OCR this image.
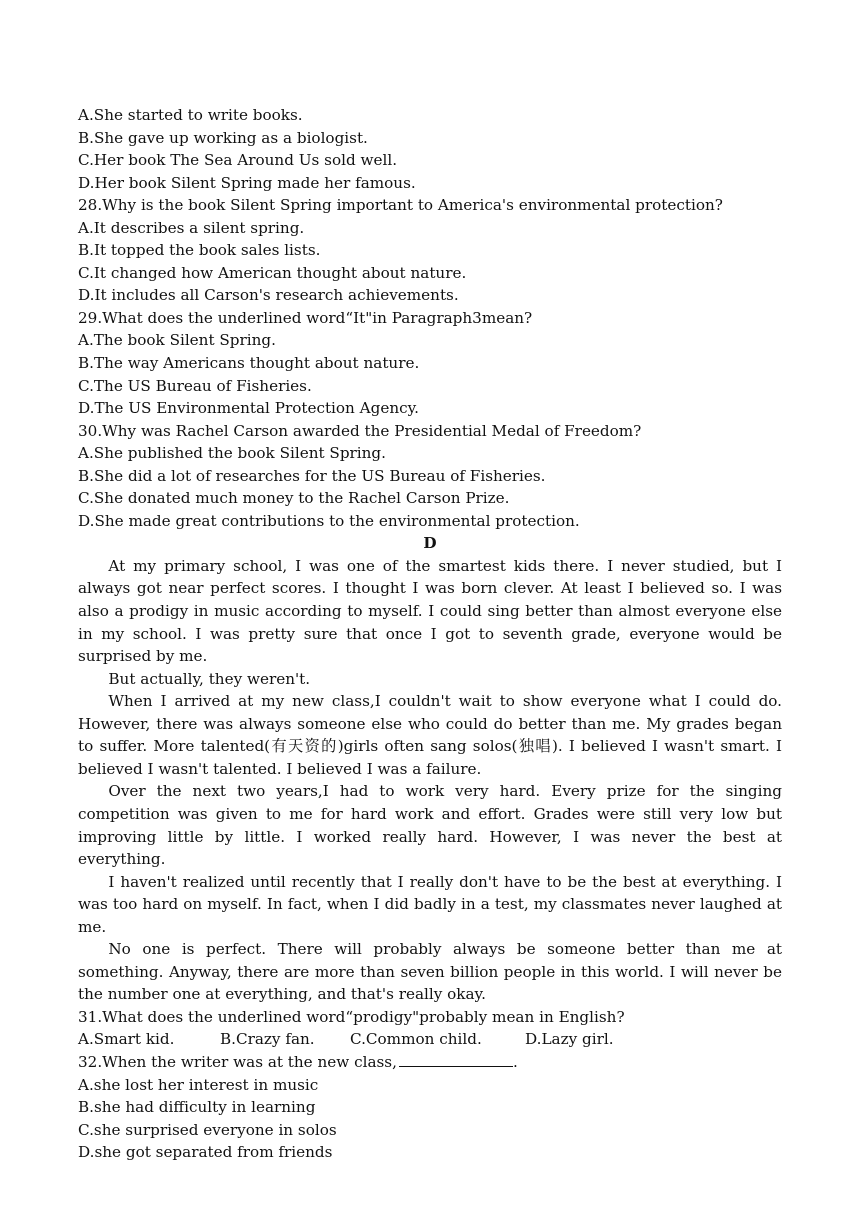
A.She started to write books.
B.She gave up working as a biologist.
C.Her book The Sea Around Us sold well.
D.Her book Silent Spring made her famous.
28.Why is the book Silent Spring important to America's environmental protection?
A.It describes a silent spring.
B.It topped the book sales lists.
C.It changed how American thought about nature.
D.It includes all Carson's research achievements.
29.What does the underlined word“It"in Paragraph3mean?
A.The book Silent Spring.
B.The way Americans thought about nature.
C.The US Bureau of Fisheries.
D.The US Environmental Protection Agency.
30.Why was Rachel Carson awarded the Presidential Medal of Freedom?
A.She published the book Silent Spring.
B.She did a lot of researches for the US Bureau of Fisheries.
C.She donated much money to the Rachel Carson Prize.
D.She made great contributions to the environmental protection.
D

At my primary school, I was one of the smartest kids there. I never studied, but I always got near perfect scores. I thought I was born clever. At least I believed so. I was also a prodigy in music according to myself. I could sing better than almost everyone else in my school. I was pretty sure that once I got to seventh grade, everyone would be surprised by me.

But actually, they weren't.

When I arrived at my new class,I couldn't wait to show everyone what I could do. However, there was always someone else who could do better than me. My grades began to suffer. More talented(有天资的)girls often sang solos(独唱). I believed I wasn't smart. I believed I wasn't talented. I believed I was a failure.

Over the next two years,I had to work very hard. Every prize for the singing competition was given to me for hard work and effort. Grades were still very low but improving little by little. I worked really hard. However, I was never the best at everything.

I haven't realized until recently that I really don't have to be the best at everything. I was too hard on myself. In fact, when I did badly in a test, my classmates never laughed at me.

No one is perfect. There will probably always be someone better than me at something. Anyway, there are more than seven billion people in this world. I will never be the number one at everything, and that's really okay.

31.What does the underlined word“prodigy"probably mean in English?
A.Smart kid.	B.Crazy fan.	C.Common child.	D.Lazy girl.
32.When the writer was at the new class,	.
A.she lost her interest in music
B.she had difficulty in learning
C.she surprised everyone in solos
D.she got separated from friends
